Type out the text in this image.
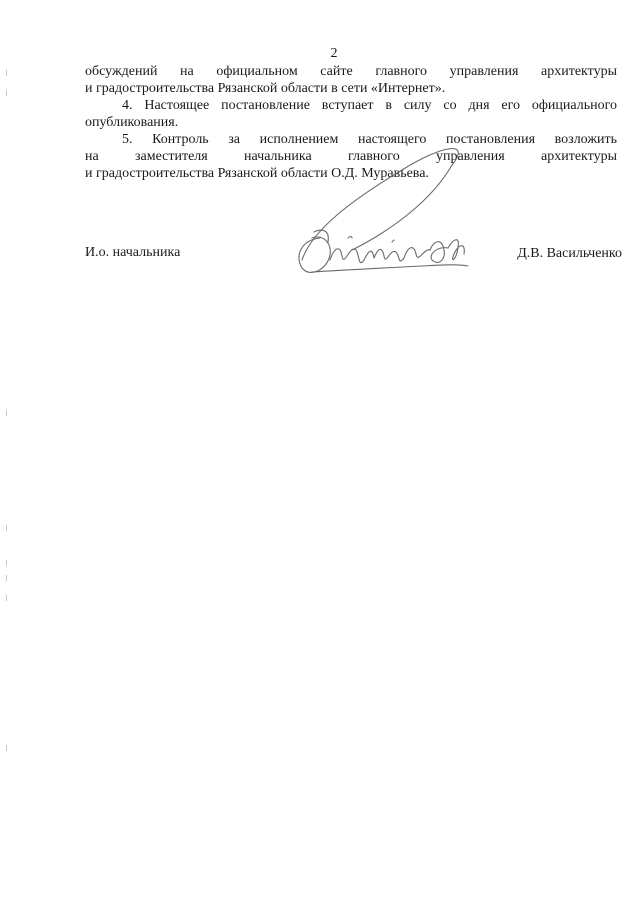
2

обсуждений на официальном сайте главного управления архитектуры
и градостроительства Рязанской области в сети «Интернет».

4. Настоящее постановление вступает в силу со дня его официального
опубликования.

5. Контроль за исполнением настоящего постановления возложить
на заместителя начальника главного управления архитектуры
и градостроительства Рязанской области О.Д. Муравьева.

И.о. начальника	Д.В. Васильченко
